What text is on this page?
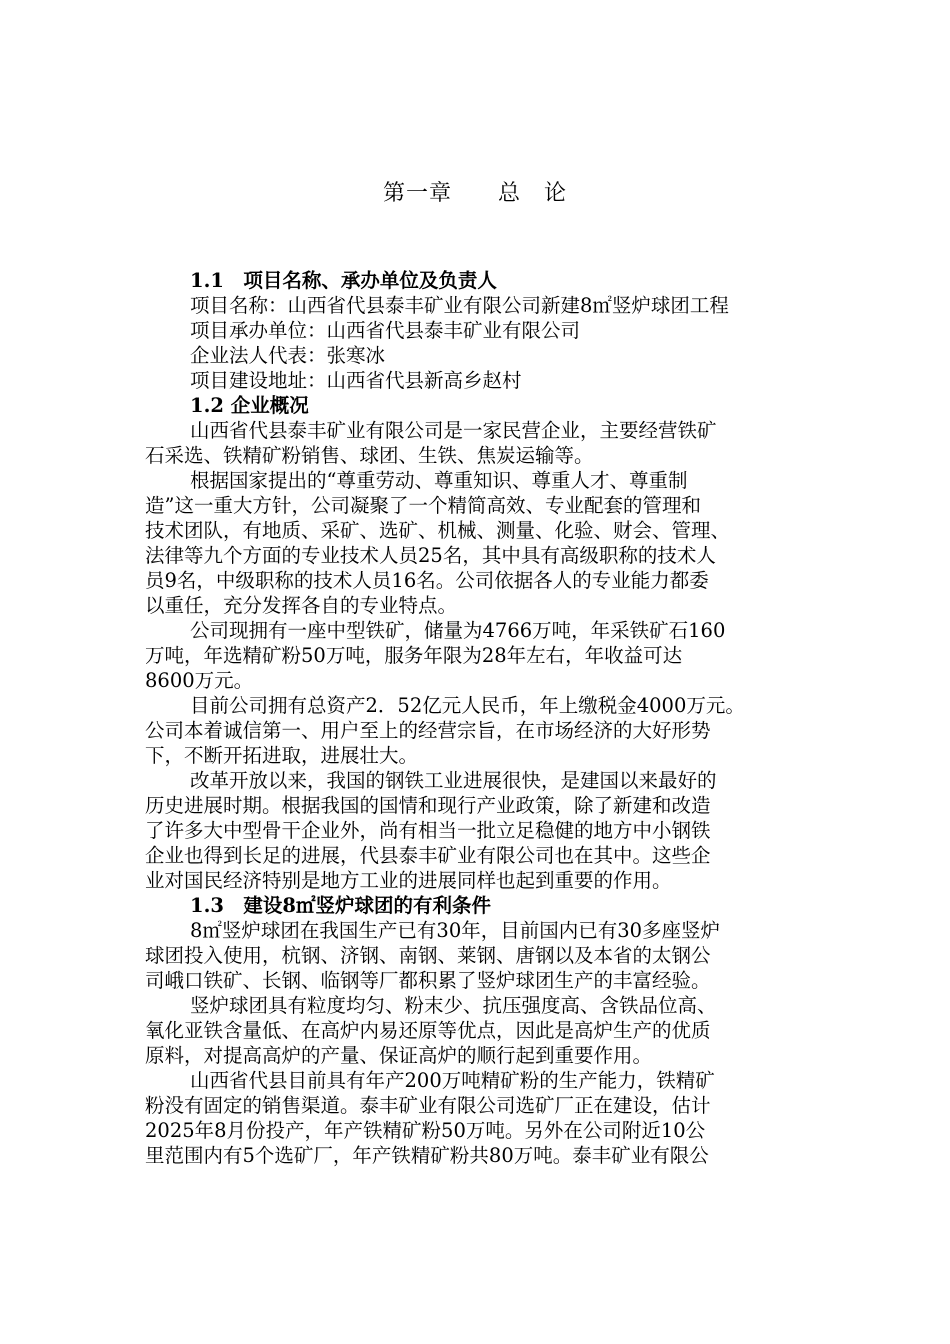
第一章　　总　论
1.1　项目名称、承办单位及负责人
项目名称：山西省代县泰丰矿业有限公司新建8㎡竖炉球团工程
项目承办单位：山西省代县泰丰矿业有限公司
企业法人代表：张寒冰
项目建设地址：山西省代县新高乡赵村
1.2 企业概况
山西省代县泰丰矿业有限公司是一家民营企业，主要经营铁矿
石采选、铁精矿粉销售、球团、生铁、焦炭运输等。
根据国家提出的“尊重劳动、尊重知识、尊重人才、尊重制
造”这一重大方针，公司凝聚了一个精简高效、专业配套的管理和
技术团队，有地质、采矿、选矿、机械、测量、化验、财会、管理、
法律等九个方面的专业技术人员25名，其中具有高级职称的技术人
员9名，中级职称的技术人员16名。公司依据各人的专业能力都委
以重任，充分发挥各自的专业特点。
公司现拥有一座中型铁矿，储量为4766万吨，年采铁矿石160
万吨，年选精矿粉50万吨，服务年限为28年左右，年收益可达
8600万元。
目前公司拥有总资产2．52亿元人民币，年上缴税金4000万元。
公司本着诚信第一、用户至上的经营宗旨，在市场经济的大好形势
下，不断开拓进取，进展壮大。
改革开放以来，我国的钢铁工业进展很快，是建国以来最好的
历史进展时期。根据我国的国情和现行产业政策，除了新建和改造
了许多大中型骨干企业外，尚有相当一批立足稳健的地方中小钢铁
企业也得到长足的进展，代县泰丰矿业有限公司也在其中。这些企
业对国民经济特别是地方工业的进展同样也起到重要的作用。
1.3　建设8㎡竖炉球团的有利条件
8㎡竖炉球团在我国生产已有30年，目前国内已有30多座竖炉
球团投入使用，杭钢、济钢、南钢、莱钢、唐钢以及本省的太钢公
司峨口铁矿、长钢、临钢等厂都积累了竖炉球团生产的丰富经验。
竖炉球团具有粒度均匀、粉末少、抗压强度高、含铁品位高、
氧化亚铁含量低、在高炉内易还原等优点，因此是高炉生产的优质
原料，对提高高炉的产量、保证高炉的顺行起到重要作用。
山西省代县目前具有年产200万吨精矿粉的生产能力，铁精矿
粉没有固定的销售渠道。泰丰矿业有限公司选矿厂正在建设，估计
2025年8月份投产，年产铁精矿粉50万吨。另外在公司附近10公
里范围内有5个选矿厂，年产铁精矿粉共80万吨。泰丰矿业有限公
